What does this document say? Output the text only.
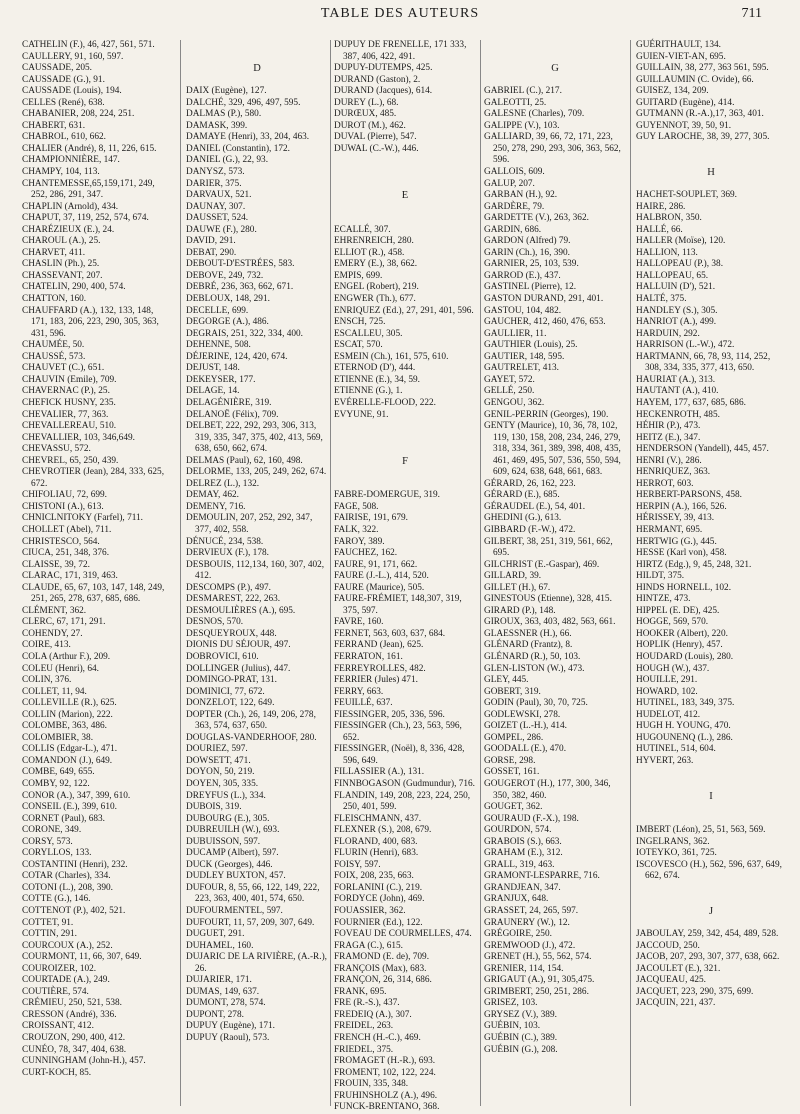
TABLE DES AUTEURS	711
CATHELIN (F.), 46, 427, 561, 571.
CAULLERY, 91, 160, 597.
CAUSSADE, 205.
CAUSSADE (G.), 91.
CAUSSADE (Louis), 194.
CELLES (René), 638.
CHABANIER, 208, 224, 251.
CHABERT, 631.
CHABROL, 610, 662.
CHALIER (André), 8, 11, 226, 615.
CHAMPIONNIÈRE, 147.
CHAMPY, 104, 113.
CHANTEMESSE,65,159,171, 249, 252, 286, 291, 347.
CHAPLIN (Arnold), 434.
CHAPUT, 37, 119, 252, 574, 674.
CHARÉZIEUX (E.), 24.
CHAROUL (A.), 25.
CHARVET, 411.
CHASLIN (Ph.), 25.
CHASSEVANT, 207.
CHATELIN, 290, 400, 574.
CHATTON, 160.
CHAUFFARD (A.), 132, 133, 148, 171, 183, 206, 223, 290, 305, 363, 431, 596.
CHAUMÉE, 50.
CHAUSSÉ, 573.
CHAUVET (C.), 651.
CHAUVIN (Emile), 709.
CHAVERNAC (P.), 25.
CHEFICK HUSNY, 235.
CHEVALIER, 77, 363.
CHEVALLEREAU, 510.
CHEVALLIER, 103, 346,649.
CHEVASSU, 572.
CHEVREL, 65, 250, 439.
CHEVROTIER (Jean), 284, 333, 625, 672.
CHIFOLIAU, 72, 699.
CHISTONI (A.), 613.
CHNICLNITOKY (Farfel), 711.
CHOLLET (Abel), 711.
CHRISTESCO, 564.
CIUCA, 251, 348, 376.
CLAISSE, 39, 72.
CLARAC, 171, 319, 463.
CLAUDE, 65, 67, 103, 147, 148, 249, 251, 265, 278, 637, 685, 686.
CLÉMENT, 362.
CLERC, 67, 171, 291.
COHENDY, 27.
COIRE, 413.
COLA (Arthur F.), 209.
COLEU (Henri), 64.
COLIN, 376.
COLLET, 11, 94.
COLLEVILLE (R.), 625.
COLLIN (Marion), 222.
COLOMBE, 363, 486.
COLOMBIER, 38.
COLLIS (Edgar-L.), 471.
COMANDON (J.), 649.
COMBE, 649, 655.
COMBY, 92, 122.
CONOR (A.), 347, 399, 610.
CONSEIL (E.), 399, 610.
CORNET (Paul), 683.
CORONE, 349.
CORSY, 573.
CORYLLOS, 133.
COSTANTINI (Henri), 232.
COTAR (Charles), 334.
COTONI (L.), 208, 390.
COTTE (G.), 146.
COTTENOT (P.), 402, 521.
COTTET, 91.
COTTIN, 291.
COURCOUX (A.), 252.
COURMONT, 11, 66, 307, 649.
COUROIZER, 102.
COURTADE (A.), 249.
COUTIÈRE, 574.
CRÉMIEU, 250, 521, 538.
CRESSON (André), 336.
CROISSANT, 412.
CROUZON, 290, 400, 412.
CUNÉO, 78, 347, 404, 638.
CUNNINGHAM (John-H.), 457.
CURT-KOCH, 85.
D
DAIX (Eugène), 127.
DALCHÉ, 329, 496, 497, 595.
DALMAS (P.), 580.
DAMASK, 399.
DAMAYE (Henri), 33, 204, 463.
DANIEL (Constantin), 172.
DANIEL (G.), 22, 93.
DANYSZ, 573.
DARIER, 375.
DARVAUX, 521.
DAUNAY, 307.
DAUSSET, 524.
DAUWE (F.), 280.
DAVID, 291.
DEBAT, 290.
DEBOUT-D'ESTRÉES, 583.
DEBOVE, 249, 732.
DEBRÉ, 236, 363, 662, 671.
DEBLOUX, 148, 291.
DECELLE, 699.
DEGORGE (A.), 486.
DEGRAIS, 251, 322, 334, 400.
DEHENNE, 508.
DÉJERINE, 124, 420, 674.
DEJUST, 148.
DEKEYSER, 177.
DELAGE, 14.
DELAGÉNIÈRE, 319.
DELANOË (Félix), 709.
DELBET, 222, 292, 293, 306, 313, 319, 335, 347, 375, 402, 413, 569, 638, 650, 662, 674.
DELMAS (Paul), 62, 160, 498.
DELORME, 133, 205, 249, 262, 674.
DELREZ (L.), 132.
DEMAY, 462.
DEMENY, 716.
DEMOULIN, 207, 252, 292, 347, 377, 402, 558.
DÉNUCÉ, 234, 538.
DERVIEUX (F.), 178.
DESBOUIS, 112,134, 160, 307, 402, 412.
DESCOMPS (P.), 497.
DESMAREST, 222, 263.
DESMOULIÈRES (A.), 695.
DESNOS, 570.
DESQUEYROUX, 448.
DIONIS DU SÉJOUR, 497.
DOBROVICI, 610.
DOLLINGER (Julius), 447.
DOMINGO-PRAT, 131.
DOMINICI, 77, 672.
DONZELOT, 122, 649.
DOPTER (Ch.), 26, 149, 206, 278, 363, 574, 637, 650.
DOUGLAS-VANDERHOOF, 280.
DOURIEZ, 597.
DOWSETT, 471.
DOYON, 50, 219.
DOYEN, 305, 335.
DREYFUS (L.), 334.
DUBOIS, 319.
DUBOURG (E.), 305.
DUBREUILH (W.), 693.
DUBUISSON, 597.
DUCAMP (Albert), 597.
DUCK (Georges), 446.
DUDLEY BUXTON, 457.
DUFOUR, 8, 55, 66, 122, 149, 222, 223, 363, 400, 401, 574, 650.
DUFOURMENTEL, 597.
DUFOURT, 11, 57, 209, 307, 649.
DUGUET, 291.
DUHAMEL, 160.
DUJARIC DE LA RIVIÈRE, (A.-R.), 26.
DUJARIER, 171.
DUMAS, 149, 637.
DUMONT, 278, 574.
DUPONT, 278.
DUPUY (Eugène), 171.
DUPUY (Raoul), 573.
DUPUY DE FRENELLE, 171 333, 387, 406, 422, 491.
DUPUY-DUTEMPS, 425.
DURAND (Gaston), 2.
DURAND (Jacques), 614.
DUREY (L.), 68.
DURŒUX, 485.
DUROT (M.), 462.
DUVAL (Pierre), 547.
DUWAL (C.-W.), 446.
E
ECALLÉ, 307.
EHRENREICH, 280.
ELLIOT (R.), 458.
EMERY (E.), 38, 662.
EMPIS, 699.
ENGEL (Robert), 219.
ENGWER (Th.), 677.
ENRIQUEZ (Ed.), 27, 291, 401, 596.
ENSCH, 725.
ESCALLEU, 305.
ESCAT, 570.
ESMEIN (Ch.), 161, 575, 610.
ETERNOD (D'), 444.
ETIENNE (E.), 34, 59.
ETIENNE (G.), 1.
EVÉRELLE-FLOOD, 222.
EVYUNE, 91.
F
FABRE-DOMERGUE, 319.
FAGE, 508.
FAIRISE, 191, 679.
FALK, 322.
FAROY, 389.
FAUCHEZ, 162.
FAURE, 91, 171, 662.
FAURE (J.-L.), 414, 520.
FAURE (Maurice), 505.
FAURE-FRÉMIET, 148,307, 319, 375, 597.
FAVRE, 160.
FERNET, 563, 603, 637, 684.
FERRAND (Jean), 625.
FERRATON, 161.
FERREYROLLES, 482.
FERRIER (Jules) 471.
FERRY, 663.
FEUILLÉ, 637.
FIESSINGER, 205, 336, 596.
FIESSINGER (Ch.), 23, 563, 596, 652.
FIESSINGER, (Noël), 8, 336, 428, 596, 649.
FILLASSIER (A.), 131.
FINNBOGASON (Gudmundur), 716.
FLANDIN, 149, 208, 223, 224, 250, 250, 401, 599.
FLEISCHMANN, 437.
FLEXNER (S.), 208, 679.
FLORAND, 400, 683.
FLURIN (Henri), 683.
FOISY, 597.
FOIX, 208, 235, 663.
FORLANINI (C.), 219.
FORDYCE (John), 469.
FOUASSIER, 362.
FOURNIER (Ed.), 122.
FOVEAU DE COURMELLES, 474.
FRAGA (C.), 615.
FRAMOND (E. de), 709.
FRANÇOIS (Max), 683.
FRANÇON, 26, 314, 686.
FRANK, 695.
FRE (R.-S.), 437.
FREDEIQ (A.), 307.
FREIDEL, 263.
FRENCH (H.-C.), 469.
FRIEDEL, 375.
FROMAGET (H.-R.), 693.
FROMENT, 102, 122, 224.
FROUIN, 335, 348.
FRUHINSHOLZ (A.), 496.
FUNCK-BRENTANO, 368.
G
GABRIEL (C.), 217.
GALEOTTI, 25.
GALESNE (Charles), 709.
GALIPPE (V.), 103.
GALLIARD, 39, 66, 72, 171, 223, 250, 278, 290, 293, 306, 363, 562, 596.
GALLOIS, 609.
GALUP, 207.
GARBAN (H.), 92.
GARDÈRE, 79.
GARDETTE (V.), 263, 362.
GARDIN, 686.
GARDON (Alfred) 79.
GARIN (Ch.), 16, 390.
GARNIER, 25, 103, 539.
GARROD (E.), 437.
GASTINEL (Pierre), 12.
GASTON DURAND, 291, 401.
GASTOU, 104, 482.
GAUCHER, 412, 460, 476, 653.
GAULLIER, 11.
GAUTHIER (Louis), 25.
GAUTIER, 148, 595.
GAUTRELET, 413.
GAYET, 572.
GELLÉ, 250.
GENGOU, 362.
GENIL-PERRIN (Georges), 190.
GENTY (Maurice), 10, 36, 78, 102, 119, 130, 158, 208, 234, 246, 279, 318, 334, 361, 389, 398, 408, 435, 461, 469, 495, 507, 536, 550, 594, 609, 624, 638, 648, 661, 683.
GÉRARD, 26, 162, 223.
GÉRARD (E.), 685.
GÉRAUDEL (E.), 54, 401.
GHEDINI (G.), 613.
GIBBARD (F.-W.), 472.
GILBERT, 38, 251, 319, 561, 662, 695.
GILCHRIST (E.-Gaspar), 469.
GILLARD, 39.
GILLET (H.), 67.
GINESTOUS (Etienne), 328, 415.
GIRARD (P.), 148.
GIROUX, 363, 403, 482, 563, 661.
GLAESSNER (H.), 66.
GLÉNARD (Frantz), 8.
GLÉNARD (R.), 50, 103.
GLEN-LISTON (W.), 473.
GLEY, 445.
GOBERT, 319.
GODIN (Paul), 30, 70, 725.
GODLEWSKI, 278.
GOIZET (L.-H.), 414.
GOMPEL, 286.
GOODALL (E.), 470.
GORSE, 298.
GOSSET, 161.
GOUGEROT (H.), 177, 300, 346, 350, 382, 460.
GOUGET, 362.
GOURAUD (F.-X.), 198.
GOURDON, 574.
GRABOIS (S.), 663.
GRAHAM (E.), 312.
GRALL, 319, 463.
GRAMONT-LESPARRE, 716.
GRANDJEAN, 347.
GRANJUX, 648.
GRASSET, 24, 265, 597.
GRAUNERY (W.), 12.
GRÉGOIRE, 250.
GREMWOOD (J.), 472.
GRENET (H.), 55, 562, 574.
GRENIER, 114, 154.
GRIGAUT (A.), 91, 305,475.
GRIMBERT, 250, 251, 286.
GRISEZ, 103.
GRYSEZ (V.), 389.
GUÉBIN, 103.
GUÉBIN (C.), 389.
GUÉBIN (G.), 208.
GUÉRITHAULT, 134.
GUIEN-VIET-AN, 695.
GUILLAIN, 38, 277, 363 561, 595.
GUILLAUMIN (C. Ovide), 66.
GUISEZ, 134, 209.
GUITARD (Eugène), 414.
GUTMANN (R.-A.),17, 363, 401.
GUYENNOT, 39, 50, 91.
GUY LAROCHE, 38, 39, 277, 305.
H
HACHET-SOUPLET, 369.
HAIRE, 286.
HALBRON, 350.
HALLÉ, 66.
HALLER (Moïse), 120.
HALLION, 113.
HALLOPEAU (P.), 38.
HALLOPEAU, 65.
HALLUIN (D'), 521.
HALTÉ, 375.
HANDLEY (S.), 305.
HANRIOT (A.), 499.
HARDUIN, 292.
HARRISON (L.-W.), 472.
HARTMANN, 66, 78, 93, 114, 252, 308, 334, 335, 377, 413, 650.
HAURIAT (A.), 313.
HAUTANT (A.), 410.
HAYEM, 177, 637, 685, 686.
HECKENROTH, 485.
HÉHIR (P.), 473.
HEITZ (E.), 347.
HENDERSON (Yandell), 445, 457.
HENRI (V.), 286.
HENRIQUEZ, 363.
HERROT, 603.
HERBERT-PARSONS, 458.
HERPIN (A.), 166, 526.
HÉRISSEY, 39, 413.
HERMANT, 695.
HERTWIG (G.), 445.
HESSE (Karl von), 458.
HIRTZ (Edg.), 9, 45, 248, 321.
HILDT, 375.
HINDS HORNELL, 102.
HINTZE, 473.
HIPPEL (E. DE), 425.
HOGGE, 569, 570.
HOOKER (Albert), 220.
HOPLIK (Henry), 457.
HOUDARD (Louis), 280.
HOUGH (W.), 437.
HOUILLE, 291.
HOWARD, 102.
HUTINEL, 183, 349, 375.
HUDELOT, 412.
HUGH H. YOUNG, 470.
HUGOUNENQ (L.), 286.
HUTINEL, 514, 604.
HYVERT, 263.
I
IMBERT (Léon), 25, 51, 563, 569.
INGELRANS, 362.
IOTEYKO, 361, 725.
ISCOVESCO (H.), 562, 596, 637, 649, 662, 674.
J
JABOULAY, 259, 342, 454, 489, 528.
JACCOUD, 250.
JACOB, 207, 293, 307, 377, 638, 662.
JACOULET (E.), 321.
JACQUEAU, 425.
JACQUET, 223, 290, 375, 699.
JACQUIN, 221, 437.
